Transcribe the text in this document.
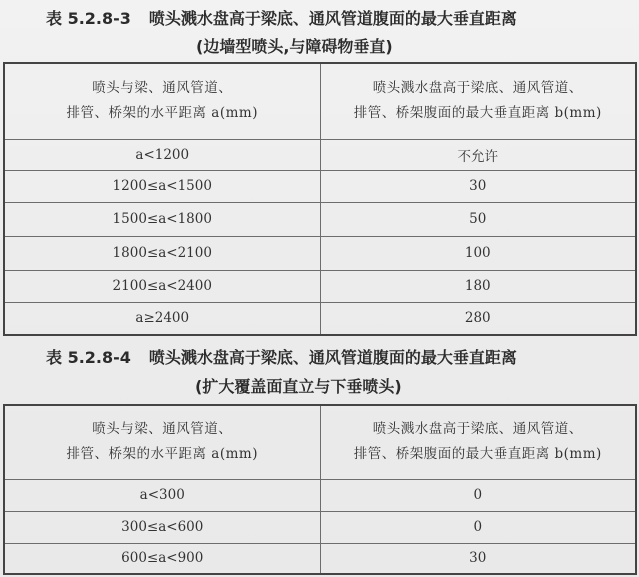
表 5.2.8-3 喷头溅水盘高于梁底、通风管道腹面的最大垂直距离
(边墙型喷头,与障碍物垂直)
喷头与梁、通风管道、
排管、桥架的水平距离 a(mm)	喷头溅水盘高于梁底、通风管道、
排管、桥架腹面的最大垂直距离 b(mm)

a<1200	不允许
1200≤a<1500	30
1500≤a<1800	50
1800≤a<2100	100
2100≤a<2400	180
a≥2400	280
表 5.2.8-4 喷头溅水盘高于梁底、通风管道腹面的最大垂直距离
(扩大覆盖面直立与下垂喷头)
喷头与梁、通风管道、
排管、桥架的水平距离 a(mm)	喷头溅水盘高于梁底、通风管道、
排管、桥架腹面的最大垂直距离 b(mm)

a<300	0
300≤a<600	0
600≤a<900	30
